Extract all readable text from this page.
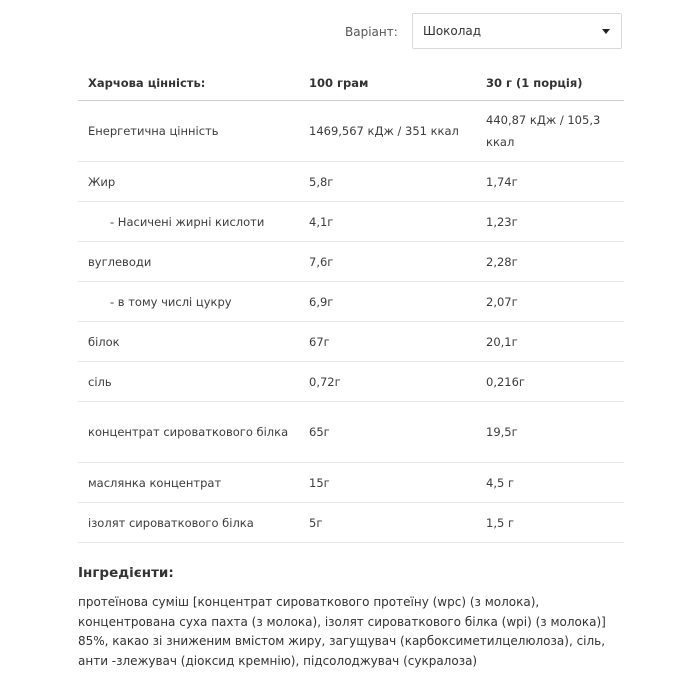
Варіант:	Шоколад
Харчова цінність:	100 грам	30 г (1 порція)
Енергетична цінність	1469,567 кДж / 351 ккал	440,87 кДж / 105,3 ккал
Жир	5,8г	1,74г
- Насичені жирні кислоти	4,1г	1,23г
вуглеводи	7,6г	2,28г
- в тому числі цукру	6,9г	2,07г
білок	67г	20,1г
сіль	0,72г	0,216г
концентрат сироваткового білка	65г	19,5г
маслянка концентрат	15г	4,5 г
ізолят сироваткового білка	5г	1,5 г
Інгредієнти:
протеїнова суміш [концентрат сироваткового протеїну (wpc) (з молока), концентрована суха пахта (з молока), ізолят сироваткового білка (wpi) (з молока)] 85%, какао зі зниженим вмістом жиру, загущувач (карбоксиметилцелюлоза), сіль, анти -злежувач (діоксид кремнію), підсолоджувач (сукралоза)
